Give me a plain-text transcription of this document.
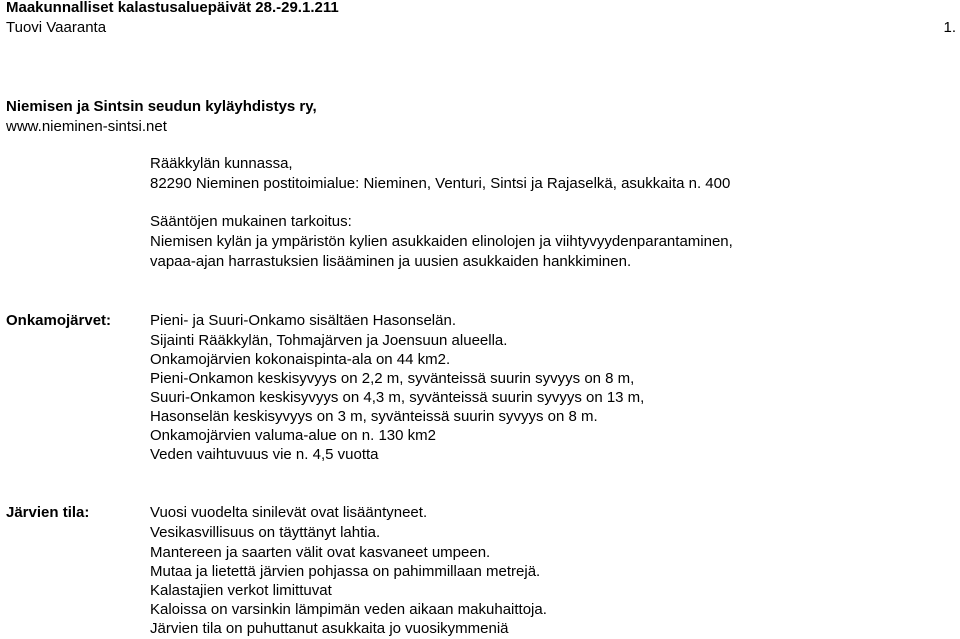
Maakunnalliset kalastusaluepäivät 28.-29.1.211
Tuovi Vaaranta	1.
Niemisen ja Sintsin seudun kyläyhdistys ry,
www.nieminen-sintsi.net
Rääkkylän kunnassa,
82290 Nieminen postitoimialue: Nieminen, Venturi, Sintsi ja Rajaselkä, asukkaita n. 400
Sääntöjen mukainen tarkoitus:
Niemisen kylän ja ympäristön kylien asukkaiden elinolojen ja viihtyvyydenparantaminen,
vapaa-ajan harrastuksien lisääminen ja uusien asukkaiden hankkiminen.
Onkamojärvet:	Pieni- ja Suuri-Onkamo sisältäen Hasonselän.
Sijainti Rääkkylän, Tohmajärven ja Joensuun alueella.
Onkamojärvien kokonaispinta-ala on 44 km2.
Pieni-Onkamon keskisyvyys on 2,2 m, syvänteissä suurin syvyys on 8 m,
Suuri-Onkamon keskisyvyys on 4,3 m, syvänteissä suurin syvyys on 13 m,
Hasonselän keskisyvyys on 3 m, syvänteissä suurin syvyys on 8 m.
Onkamojärvien valuma-alue on n. 130 km2
Veden vaihtuvuus vie n. 4,5 vuotta
Järvien tila:	Vuosi vuodelta sinilevät ovat lisääntyneet.
Vesikasvillisuus on täyttänyt lahtia.
Mantereen ja saarten välit ovat kasvaneet umpeen.
Mutaa ja lietettä järvien pohjassa on pahimmillaan metrejä.
Kalastajien verkot limittuvat
Kaloissa on varsinkin lämpimän veden aikaan makuhaittoja.
Järvien tila on puhuttanut asukkaita jo vuosikymmeniä
